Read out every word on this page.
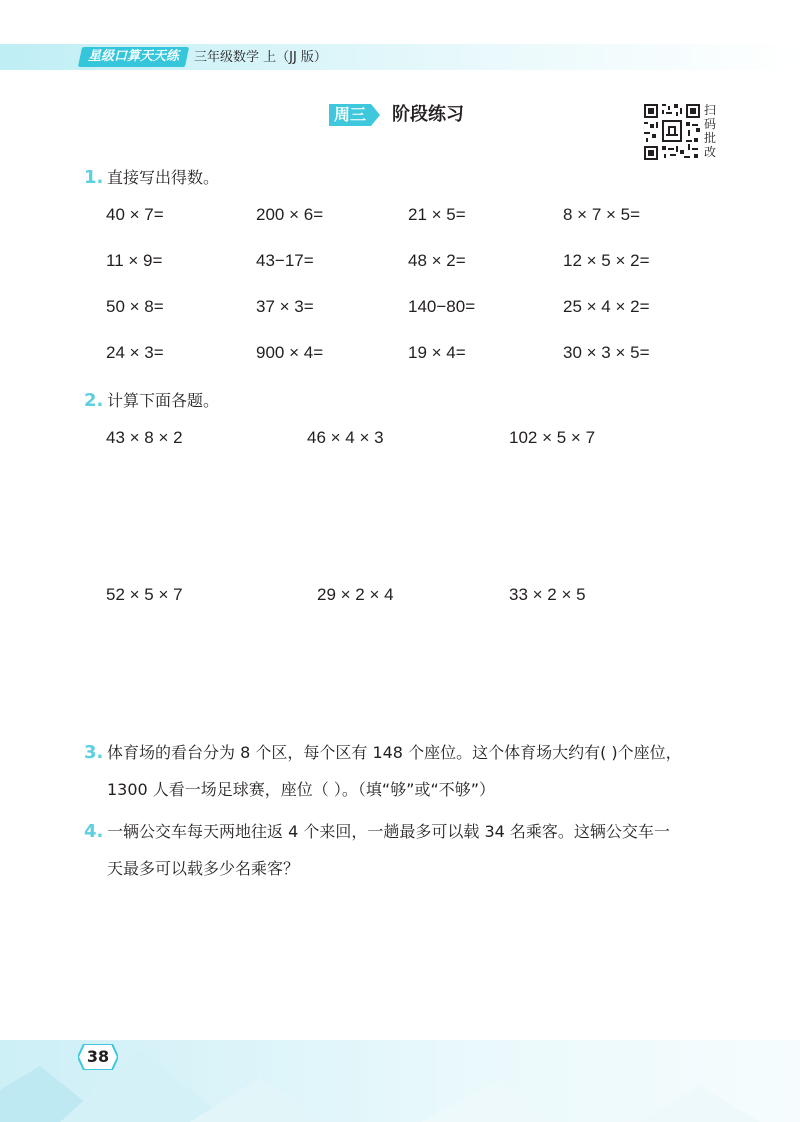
星级口算天天练	三年级数学 上（JJ 版）
周三 阶段练习	扫
码
批
改
1. 直接写出得数。
40 × 7=	200 × 6=	21 × 5=	8 × 7 × 5=
11 × 9=	43−17=	48 × 2=	12 × 5 × 2=
50 × 8=	37 × 3=	140−80=	25 × 4 × 2=
24 × 3=	900 × 4=	19 × 4=	30 × 3 × 5=
2. 计算下面各题。
43 × 8 × 2	46 × 4 × 3	102 × 5 × 7
52 × 5 × 7	29 × 2 × 4	33 × 2 × 5
3. 体育场的看台分为 8 个区，每个区有 148 个座位。这个体育场大约有( )个座位，
1300 人看一场足球赛，座位（ ）。（填“够”或“不够”）
4. 一辆公交车每天两地往返 4 个来回，一趟最多可以载 34 名乘客。这辆公交车一
天最多可以载多少名乘客？
38
